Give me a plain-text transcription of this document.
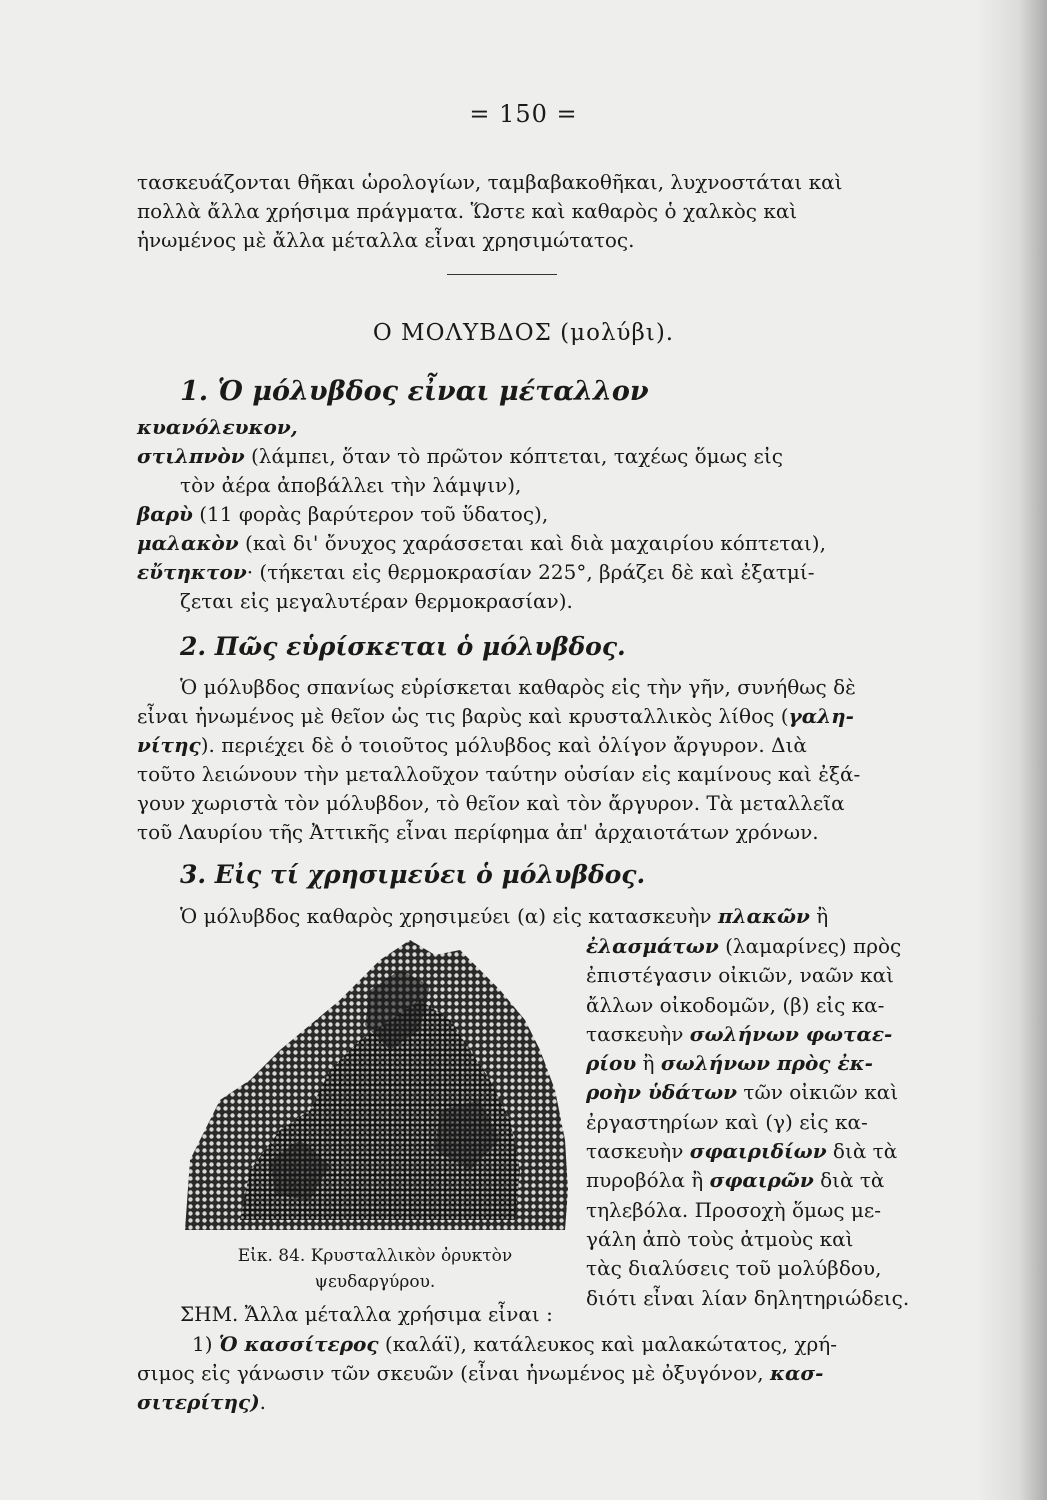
= 150 =
τασκευάζονται θῆκαι ὡρολογίων, ταμβαβακοθῆκαι, λυχνοστάται καὶ
πολλὰ ἄλλα χρήσιμα πράγματα. Ὥστε καὶ καθαρὸς ὁ χαλκὸς καὶ
ἡνωμένος μὲ ἄλλα μέταλλα εἶναι χρησιμώτατος.
Ο ΜΟΛΥΒΔΟΣ (μολύβι).
1. Ὁ μόλυβδος εἶναι μέταλλον
κυανόλευκον,
στιλπνὸν (λάμπει, ὅταν τὸ πρῶτον κόπτεται, ταχέως ὅμως εἰς
τὸν ἀέρα ἀποβάλλει τὴν λάμψιν),
βαρὺ (11 φορὰς βαρύτερον τοῦ ὕδατος),
μαλακὸν (καὶ δι' ὄνυχος χαράσσεται καὶ διὰ μαχαιρίου κόπτεται),
εὔτηκτον· (τήκεται εἰς θερμοκρασίαν 225°, βράζει δὲ καὶ ἐξατμί-
ζεται εἰς μεγαλυτέραν θερμοκρασίαν).
2. Πῶς εὑρίσκεται ὁ μόλυβδος.
Ὁ μόλυβδος σπανίως εὑρίσκεται καθαρὸς εἰς τὴν γῆν, συνήθως δὲ
εἶναι ἡνωμένος μὲ θεῖον ὡς τις βαρὺς καὶ κρυσταλλικὸς λίθος (γαλη-
νίτης). περιέχει δὲ ὁ τοιοῦτος μόλυβδος καὶ ὀλίγον ἄργυρον. Διὰ
τοῦτο λειώνουν τὴν μεταλλοῦχον ταύτην οὐσίαν εἰς καμίνους καὶ ἐξά-
γουν χωριστὰ τὸν μόλυβδον, τὸ θεῖον καὶ τὸν ἄργυρον. Τὰ μεταλλεῖα
τοῦ Λαυρίου τῆς Ἀττικῆς εἶναι περίφημα ἀπ' ἀρχαιοτάτων χρόνων.
3. Εἰς τί χρησιμεύει ὁ μόλυβδος.
Ὁ μόλυβδος καθαρὸς χρησιμεύει (α) εἰς κατασκευὴν πλακῶν ἢ
Εἰκ. 84. Κρυσταλλικὸν ὀρυκτὸν
ψευδαργύρου.
ἐλασμάτων (λαμαρίνες) πρὸς
ἐπιστέγασιν οἰκιῶν, ναῶν καὶ
ἄλλων οἰκοδομῶν, (β) εἰς κα-
τασκευὴν σωλήνων φωταε-
ρίου ἢ σωλήνων πρὸς ἐκ-
ροὴν ὑδάτων τῶν οἰκιῶν καὶ
ἐργαστηρίων καὶ (γ) εἰς κα-
τασκευὴν σφαιριδίων διὰ τὰ
πυροβόλα ἢ σφαιρῶν διὰ τὰ
τηλεβόλα. Προσοχὴ ὅμως με-
γάλη ἀπὸ τοὺς ἀτμοὺς καὶ
τὰς διαλύσεις τοῦ μολύβδου,
διότι εἶναι λίαν δηλητηριώδεις.
ΣΗΜ. Ἄλλα μέταλλα χρήσιμα εἶναι :
1) Ὁ κασσίτερος (καλάϊ), κατάλευκος καὶ μαλακώτατος, χρή-
σιμος εἰς γάνωσιν τῶν σκευῶν (εἶναι ἡνωμένος μὲ ὀξυγόνον, κασ-
σιτερίτης).
